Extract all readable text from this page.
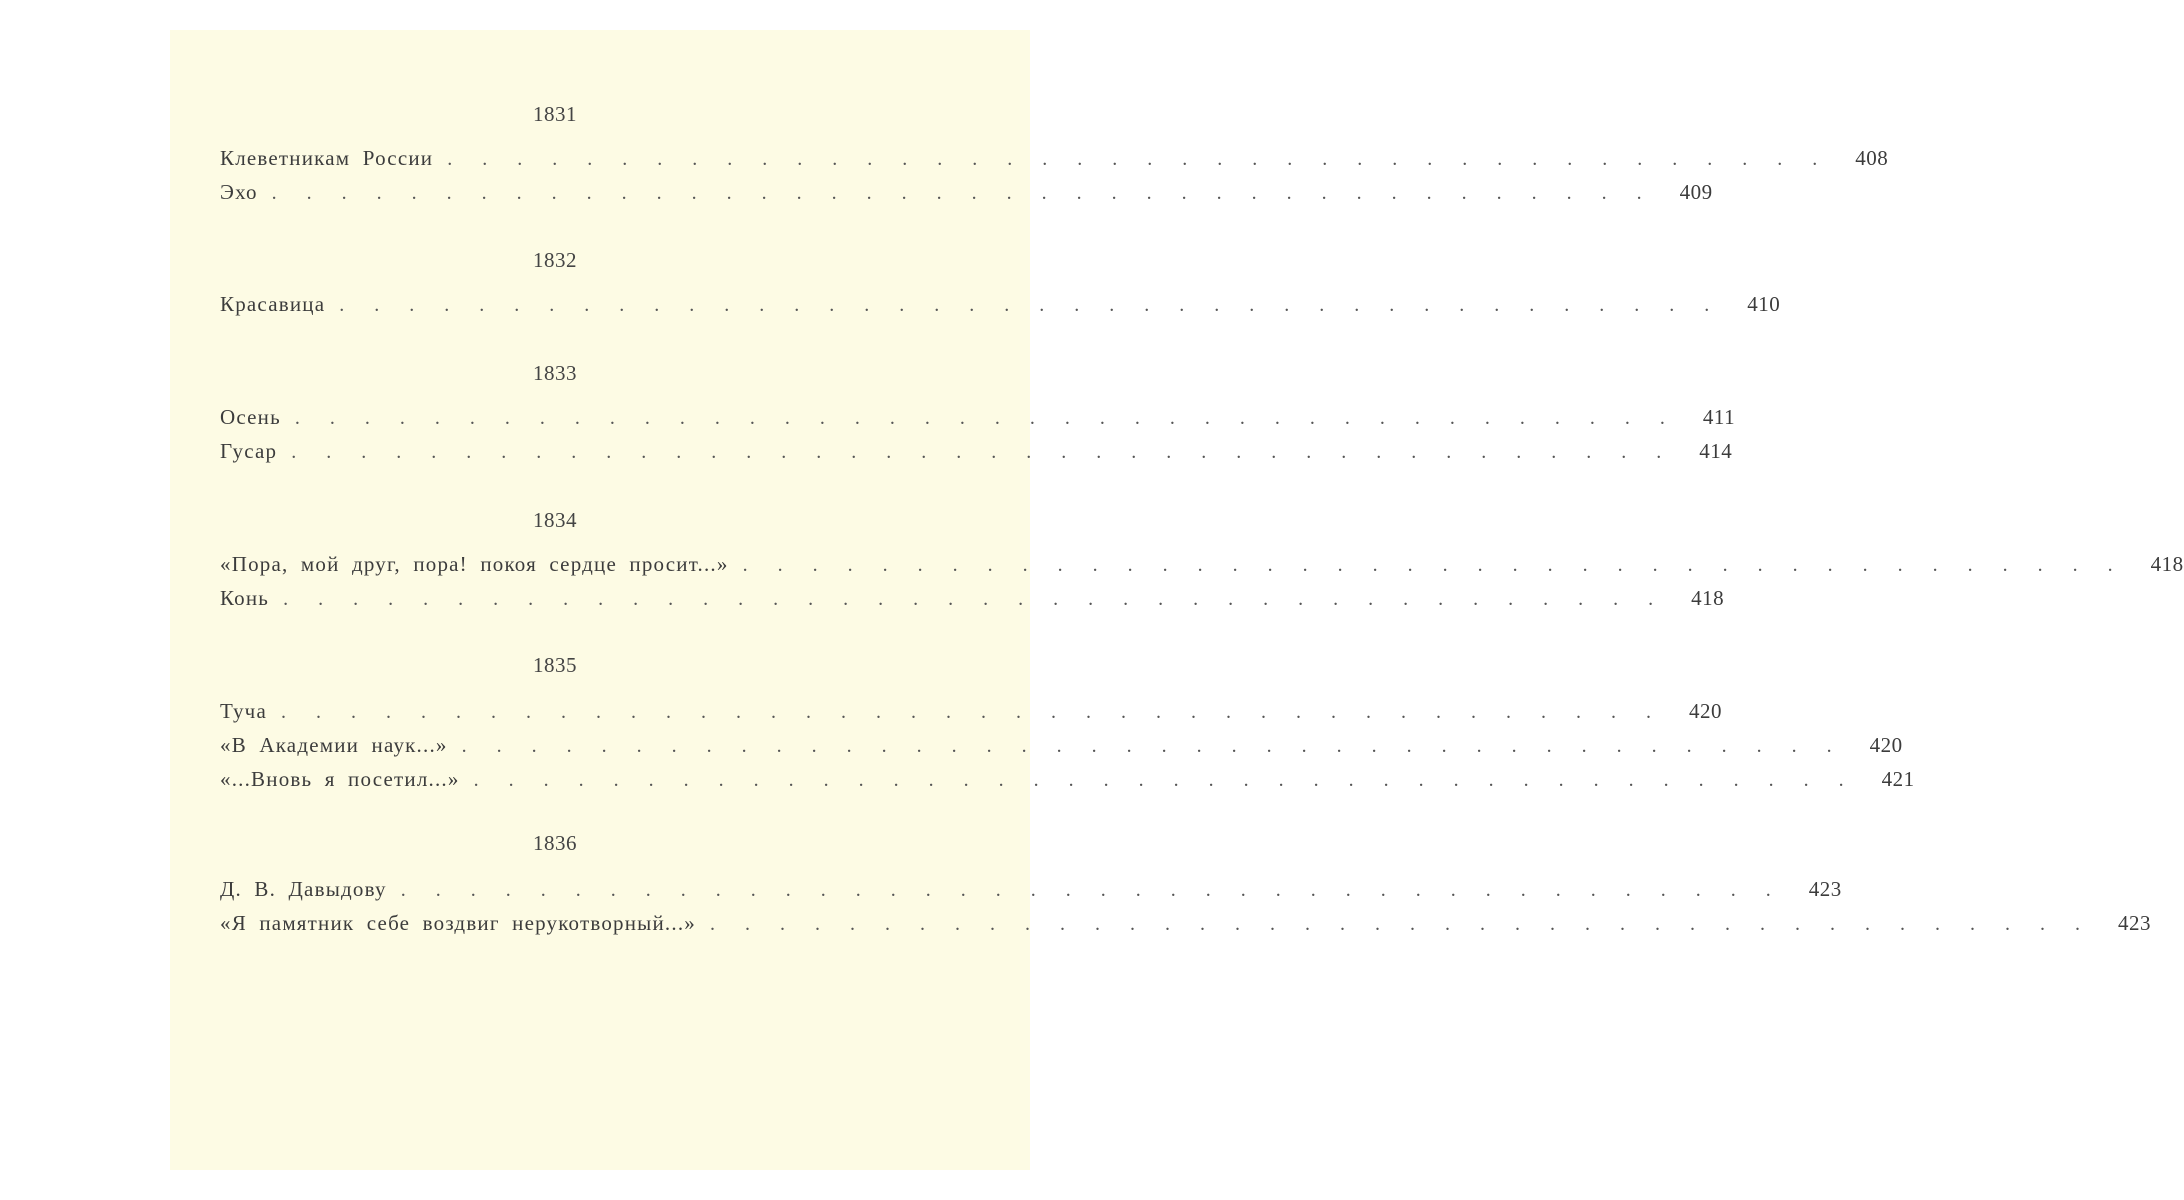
1831
Клеветникам России .  .  .  .  .  .  .  .  .  .  .  .  .  .  .  .  .  .  .  .  .  .  .  .  .  .  .  .  .  .  .  .  .  .  .  .  .  .  .  .   408
Эхо .  .  .  .  .  .  .  .  .  .  .  .  .  .  .  .  .  .  .  .  .  .  .  .  .  .  .  .  .  .  .  .  .  .  .  .  .  .  .  .   409
1832
Красавица .  .  .  .  .  .  .  .  .  .  .  .  .  .  .  .  .  .  .  .  .  .  .  .  .  .  .  .  .  .  .  .  .  .  .  .  .  .  .  .   410
1833
Осень .  .  .  .  .  .  .  .  .  .  .  .  .  .  .  .  .  .  .  .  .  .  .  .  .  .  .  .  .  .  .  .  .  .  .  .  .  .  .  .   411
Гусар .  .  .  .  .  .  .  .  .  .  .  .  .  .  .  .  .  .  .  .  .  .  .  .  .  .  .  .  .  .  .  .  .  .  .  .  .  .  .  .   414
1834
«Пора, мой друг, пора! покоя сердце просит...» .  .  .  .  .  .  .  .  .  .  .  .  .  .  .  .  .  .  .  .  .  .  .  .  .  .  .  .  .  .  .  .  .  .  .  .  .  .  .  .   418
Конь .  .  .  .  .  .  .  .  .  .  .  .  .  .  .  .  .  .  .  .  .  .  .  .  .  .  .  .  .  .  .  .  .  .  .  .  .  .  .  .   418
1835
Туча .  .  .  .  .  .  .  .  .  .  .  .  .  .  .  .  .  .  .  .  .  .  .  .  .  .  .  .  .  .  .  .  .  .  .  .  .  .  .  .   420
«В Академии наук...» .  .  .  .  .  .  .  .  .  .  .  .  .  .  .  .  .  .  .  .  .  .  .  .  .  .  .  .  .  .  .  .  .  .  .  .  .  .  .  .   420
«...Вновь я посетил...» .  .  .  .  .  .  .  .  .  .  .  .  .  .  .  .  .  .  .  .  .  .  .  .  .  .  .  .  .  .  .  .  .  .  .  .  .  .  .  .   421
1836
Д. В. Давыдову .  .  .  .  .  .  .  .  .  .  .  .  .  .  .  .  .  .  .  .  .  .  .  .  .  .  .  .  .  .  .  .  .  .  .  .  .  .  .  .   423
«Я памятник себе воздвиг нерукотворный...» .  .  .  .  .  .  .  .  .  .  .  .  .  .  .  .  .  .  .  .  .  .  .  .  .  .  .  .  .  .  .  .  .  .  .  .  .  .  .  .   423
